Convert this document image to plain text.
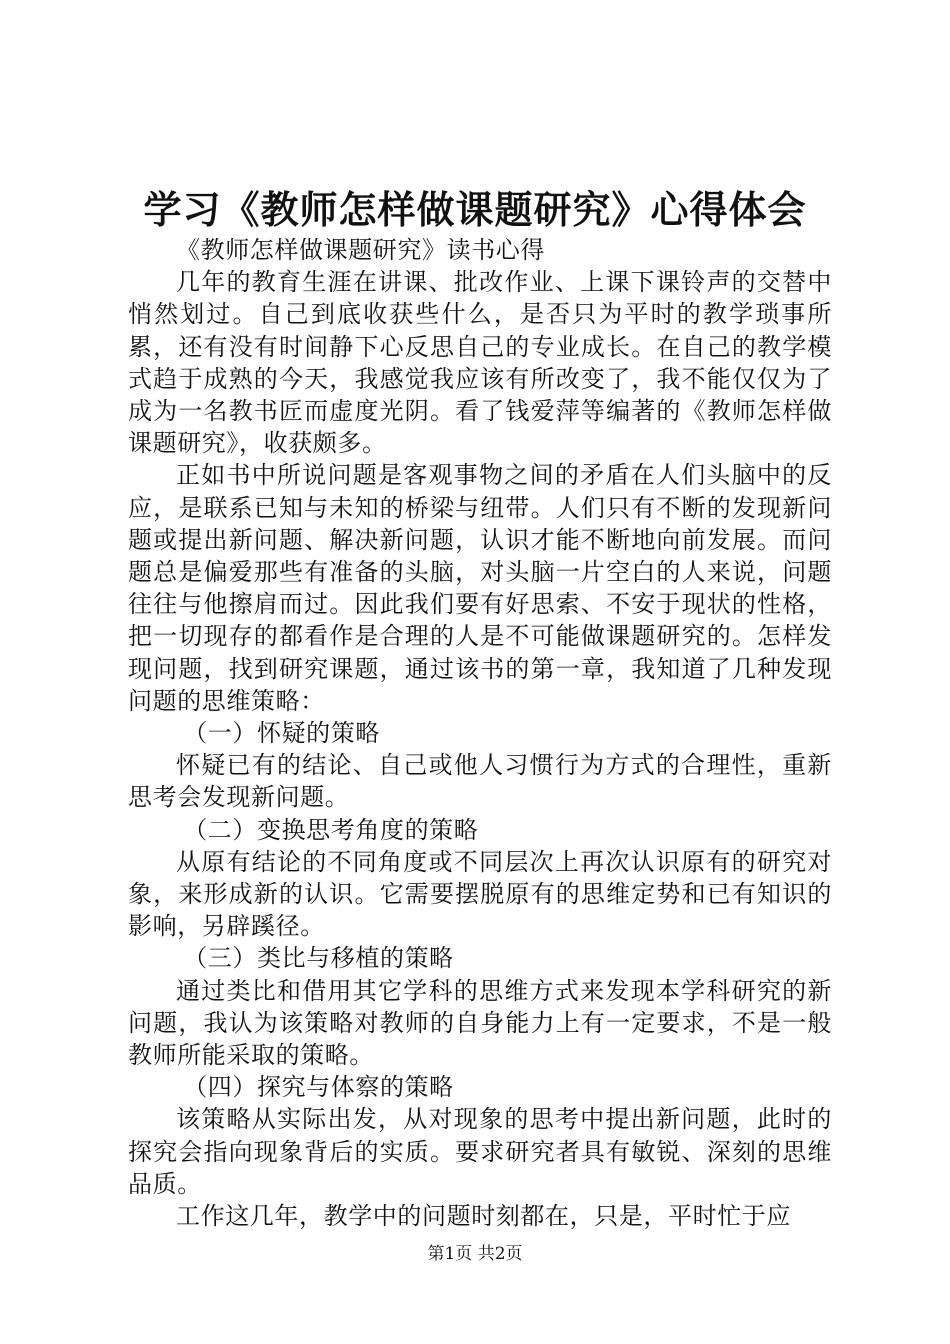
学习《教师怎样做课题研究》心得体会

《教师怎样做课题研究》读书心得

几年的教育生涯在讲课、批改作业、上课下课铃声的交替中悄然划过。自己到底收获些什么，是否只为平时的教学琐事所累，还有没有时间静下心反思自己的专业成长。在自己的教学模式趋于成熟的今天，我感觉我应该有所改变了，我不能仅仅为了成为一名教书匠而虚度光阴。看了钱爱萍等编著的《教师怎样做课题研究》，收获颇多。

正如书中所说问题是客观事物之间的矛盾在人们头脑中的反应，是联系已知与未知的桥梁与纽带。人们只有不断的发现新问题或提出新问题、解决新问题，认识才能不断地向前发展。而问题总是偏爱那些有准备的头脑，对头脑一片空白的人来说，问题往往与他擦肩而过。因此我们要有好思索、不安于现状的性格，把一切现存的都看作是合理的人是不可能做课题研究的。怎样发现问题，找到研究课题，通过该书的第一章，我知道了几种发现问题的思维策略：

（一）怀疑的策略

怀疑已有的结论、自己或他人习惯行为方式的合理性，重新思考会发现新问题。

（二）变换思考角度的策略

从原有结论的不同角度或不同层次上再次认识原有的研究对象，来形成新的认识。它需要摆脱原有的思维定势和已有知识的影响，另辟蹊径。

（三）类比与移植的策略

通过类比和借用其它学科的思维方式来发现本学科研究的新问题，我认为该策略对教师的自身能力上有一定要求，不是一般教师所能采取的策略。

（四）探究与体察的策略

该策略从实际出发，从对现象的思考中提出新问题，此时的探究会指向现象背后的实质。要求研究者具有敏锐、深刻的思维品质。

工作这几年，教学中的问题时刻都在，只是，平时忙于应

第1页 共2页
